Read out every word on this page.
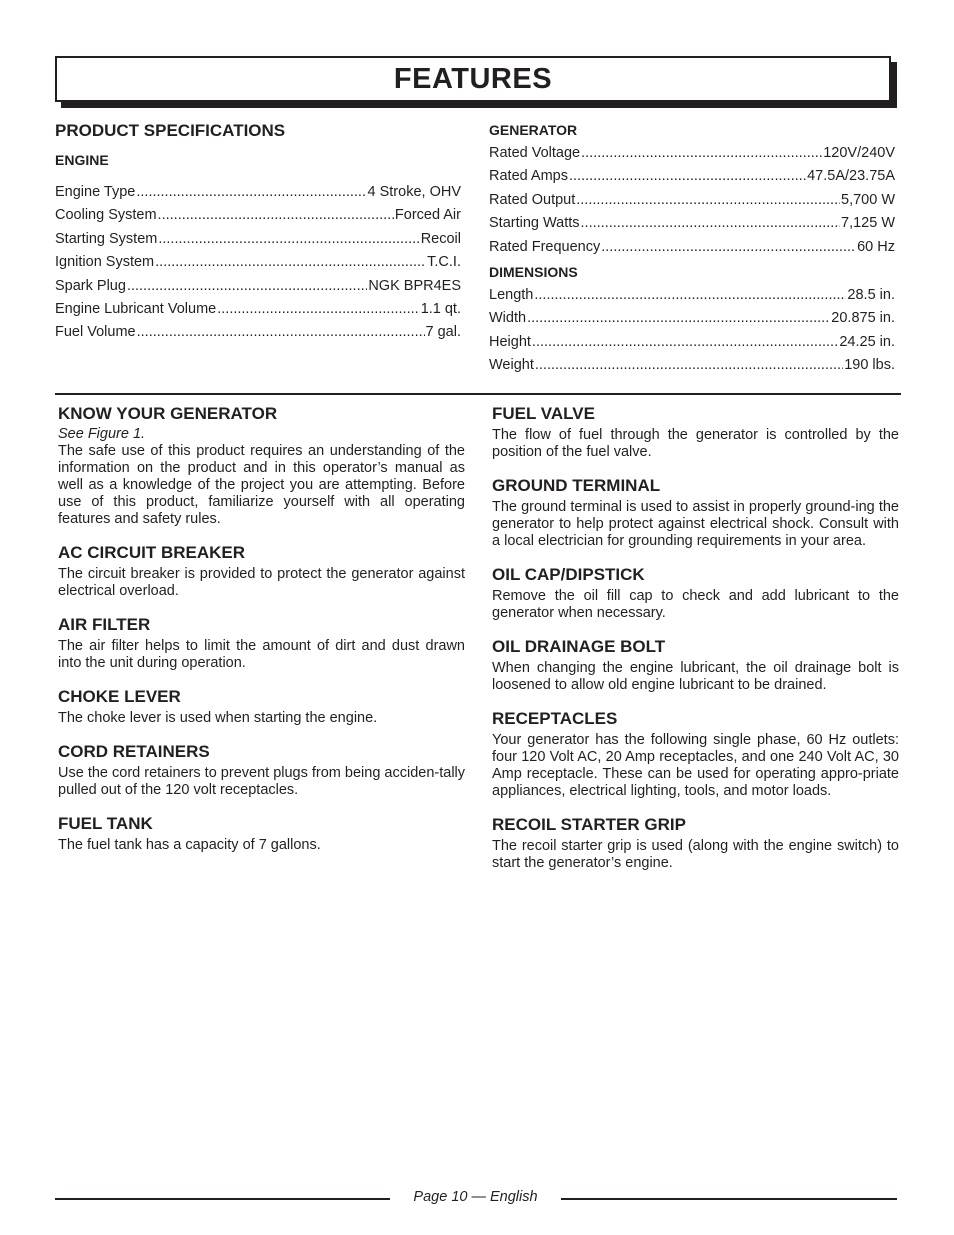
FEATURES
PRODUCT SPECIFICATIONS
ENGINE
Engine Type .....	4 Stroke, OHV
Cooling System .....	Forced Air
Starting System .....	Recoil
Ignition System .....	T.C.I.
Spark Plug .....	NGK BPR4ES
Engine Lubricant Volume .....	1.1 qt.
Fuel Volume .....	7 gal.
GENERATOR
Rated Voltage .....	120V/240V
Rated Amps .....	47.5A/23.75A
Rated Output .....	5,700 W
Starting Watts .....	7,125 W
Rated Frequency .....	60 Hz
DIMENSIONS
Length .....	28.5 in.
Width .....	20.875 in.
Height .....	24.25 in.
Weight .....	190 lbs.
KNOW YOUR GENERATOR
See Figure 1.

The safe use of this product requires an understanding of the information on the product and in this operator’s manual as well as a knowledge of the project you are attempting. Before use of this product, familiarize yourself with all operating features and safety rules.

AC CIRCUIT BREAKER

The circuit breaker is provided to protect the generator against electrical overload.

AIR FILTER

The air filter helps to limit the amount of dirt and dust drawn into the unit during operation.

CHOKE LEVER

The choke lever is used when starting the engine.

CORD RETAINERS

Use the cord retainers to prevent plugs from being acciden-tally pulled out of the 120 volt receptacles.

FUEL TANK

The fuel tank has a capacity of 7 gallons.

FUEL VALVE

The flow of fuel through the generator is controlled by the position of the fuel valve.

GROUND TERMINAL

The ground terminal is used to assist in properly ground-ing the generator to help protect against electrical shock. Consult with a local electrician for grounding requirements in your area.

OIL CAP/DIPSTICK

Remove the oil fill cap to check and add lubricant to the generator when necessary.

OIL DRAINAGE BOLT

When changing the engine lubricant, the oil drainage bolt is loosened to allow old engine lubricant to be drained.

RECEPTACLES

Your generator has the following single phase, 60 Hz outlets: four 120 Volt AC, 20 Amp receptacles, and one 240 Volt AC, 30 Amp receptacle. These can be used for operating appro-priate appliances, electrical lighting, tools, and motor loads.

RECOIL STARTER GRIP

The recoil starter grip is used (along with the engine switch) to start the generator’s engine.

Page 10 — English
